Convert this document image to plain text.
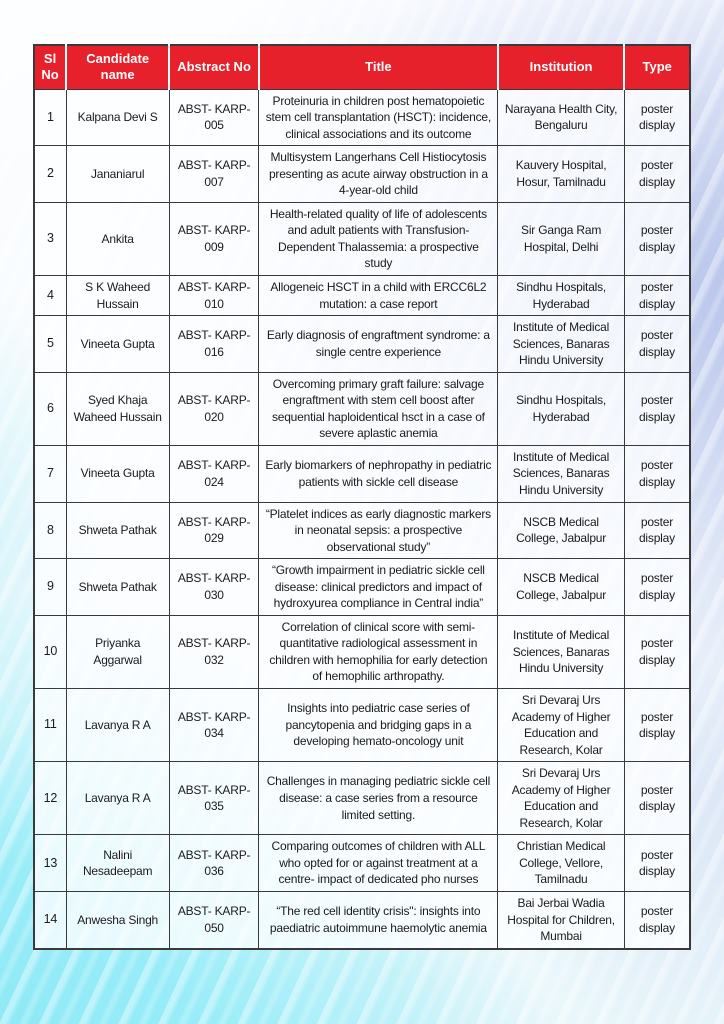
Sl No	Candidate name	Abstract No	Title	Institution	Type
1	Kalpana Devi S	ABST- KARP-005	Proteinuria in children post hematopoietic stem cell transplantation (HSCT): incidence, clinical associations and its outcome	Narayana Health City, Bengaluru	poster display
2	Jananiarul	ABST- KARP-007	Multisystem Langerhans Cell Histiocytosis presenting as acute airway obstruction in a 4-year-old child	Kauvery Hospital, Hosur, Tamilnadu	poster display
3	Ankita	ABST- KARP-009	Health-related quality of life of adolescents and adult patients with Transfusion-Dependent Thalassemia: a prospective study	Sir Ganga Ram Hospital, Delhi	poster display
4	S K Waheed Hussain	ABST- KARP-010	Allogeneic HSCT in a child with ERCC6L2 mutation: a case report	Sindhu Hospitals, Hyderabad	poster display
5	Vineeta Gupta	ABST- KARP-016	Early diagnosis of engraftment syndrome: a single centre experience	Institute of Medical Sciences, Banaras Hindu University	poster display
6	Syed Khaja Waheed Hussain	ABST- KARP-020	Overcoming primary graft failure: salvage engraftment with stem cell boost after sequential haploidentical hsct in a case of severe aplastic anemia	Sindhu Hospitals, Hyderabad	poster display
7	Vineeta Gupta	ABST- KARP-024	Early biomarkers of nephropathy in pediatric patients with sickle cell disease	Institute of Medical Sciences, Banaras Hindu University	poster display
8	Shweta Pathak	ABST- KARP-029	“Platelet indices as early diagnostic markers in neonatal sepsis: a prospective observational study”	NSCB Medical College, Jabalpur	poster display
9	Shweta Pathak	ABST- KARP-030	“Growth impairment in pediatric sickle cell disease: clinical predictors and impact of hydroxyurea compliance in Central india”	NSCB Medical College, Jabalpur	poster display
10	Priyanka Aggarwal	ABST- KARP-032	Correlation of clinical score with semi-quantitative radiological assessment in children with hemophilia for early detection of hemophilic arthropathy.	Institute of Medical Sciences, Banaras Hindu University	poster display
11	Lavanya R A	ABST- KARP-034	Insights into pediatric case series of pancytopenia and bridging gaps in a developing hemato-oncology unit	Sri Devaraj Urs Academy of Higher Education and Research, Kolar	poster display
12	Lavanya R A	ABST- KARP-035	Challenges in managing pediatric sickle cell disease: a case series from a resource limited setting.	Sri Devaraj Urs Academy of Higher Education and Research, Kolar	poster display
13	Nalini Nesadeepam	ABST- KARP-036	Comparing outcomes of children with ALL who opted for or against treatment at a centre- impact of dedicated pho nurses	Christian Medical College, Vellore, Tamilnadu	poster display
14	Anwesha Singh	ABST- KARP-050	“The red cell identity crisis": insights into paediatric autoimmune haemolytic anemia	Bai Jerbai Wadia Hospital for Children, Mumbai	poster display
